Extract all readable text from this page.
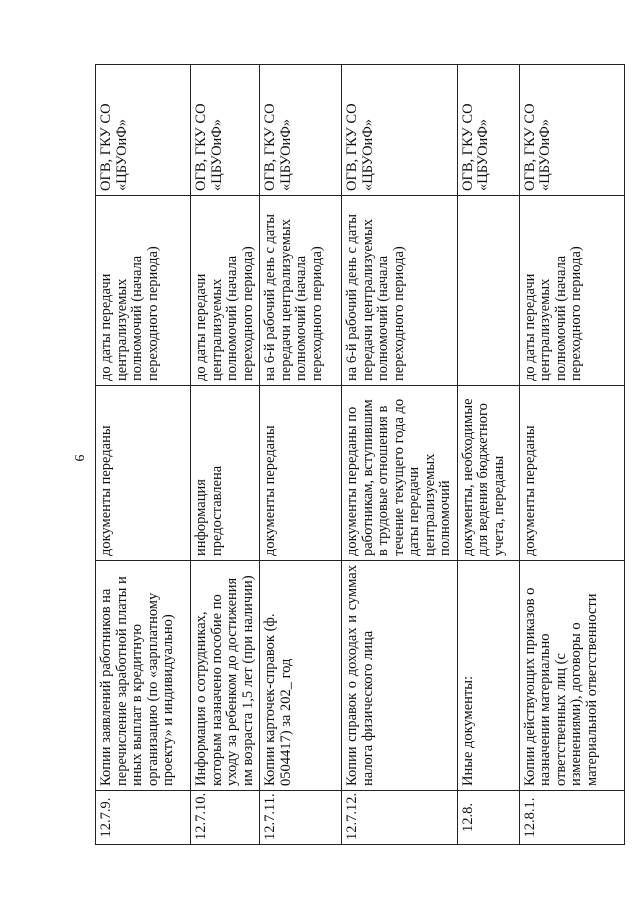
9
12.7.9.	Копии заявлений работников на перечисление заработной платы и иных выплат в кредитную организацию (по «зарплатному проекту» и индивидуально)	документы переданы	до даты передачи централизуемых полномочий (начала переходного периода)	ОГВ, ГКУ СО «ЦБУОиФ»
12.7.10.	Информация о сотрудниках, которым назначено пособие по уходу за ребенком до достижения им возраста 1,5 лет (при наличии)	информация предоставлена	до даты передачи централизуемых полномочий (начала переходного периода)	ОГВ, ГКУ СО «ЦБУОиФ»
12.7.11.	Копии карточек-справок (ф. 0504417) за 202_ год	документы переданы	на 6-й рабочий день с даты передачи централизуемых полномочий (начала переходного периода)	ОГВ, ГКУ СО «ЦБУОиФ»
12.7.12.	Копии справок о доходах и суммах налога физического лица	документы переданы по работникам, вступившим в трудовые отношения в течение текущего года до даты передачи централизуемых полномочий	на 6-й рабочий день с даты передачи централизуемых полномочий (начала переходного периода)	ОГВ, ГКУ СО «ЦБУОиФ»
12.8.	Иные документы:	документы, необходимые для ведения бюджетного учета, переданы		ОГВ, ГКУ СО «ЦБУОиФ»
12.8.1.	Копии действующих приказов о назначении материально ответственных лиц (с изменениями), договоры о материальной ответственности	документы переданы	до даты передачи централизуемых полномочий (начала переходного периода)	ОГВ, ГКУ СО «ЦБУОиФ»
